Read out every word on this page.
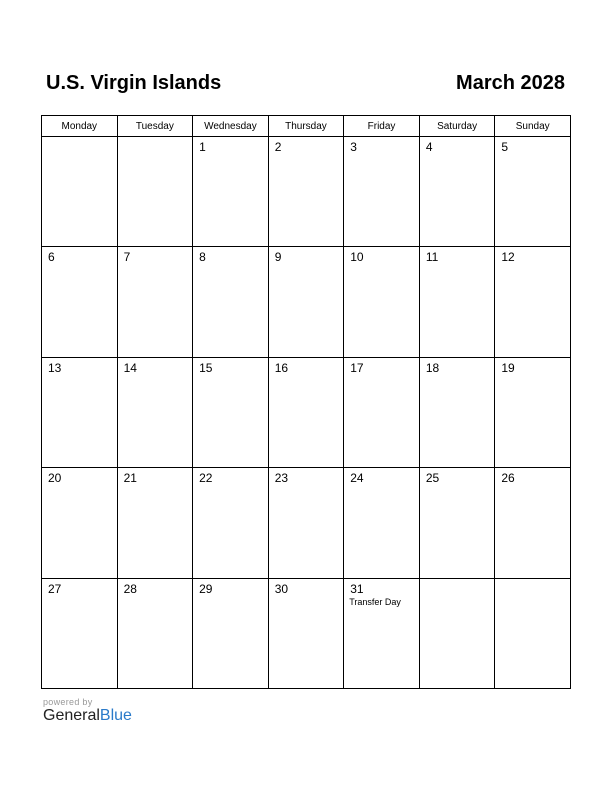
U.S. Virgin Islands	March 2028
Monday	Tuesday	Wednesday	Thursday	Friday	Saturday	Sunday

		1	2	3	4	5

6	7	8	9	10	11	12

13	14	15	16	17	18	19

20	21	22	23	24	25	26

27	28	29	30	31
Transfer Day		

powered by
GeneralBlue
